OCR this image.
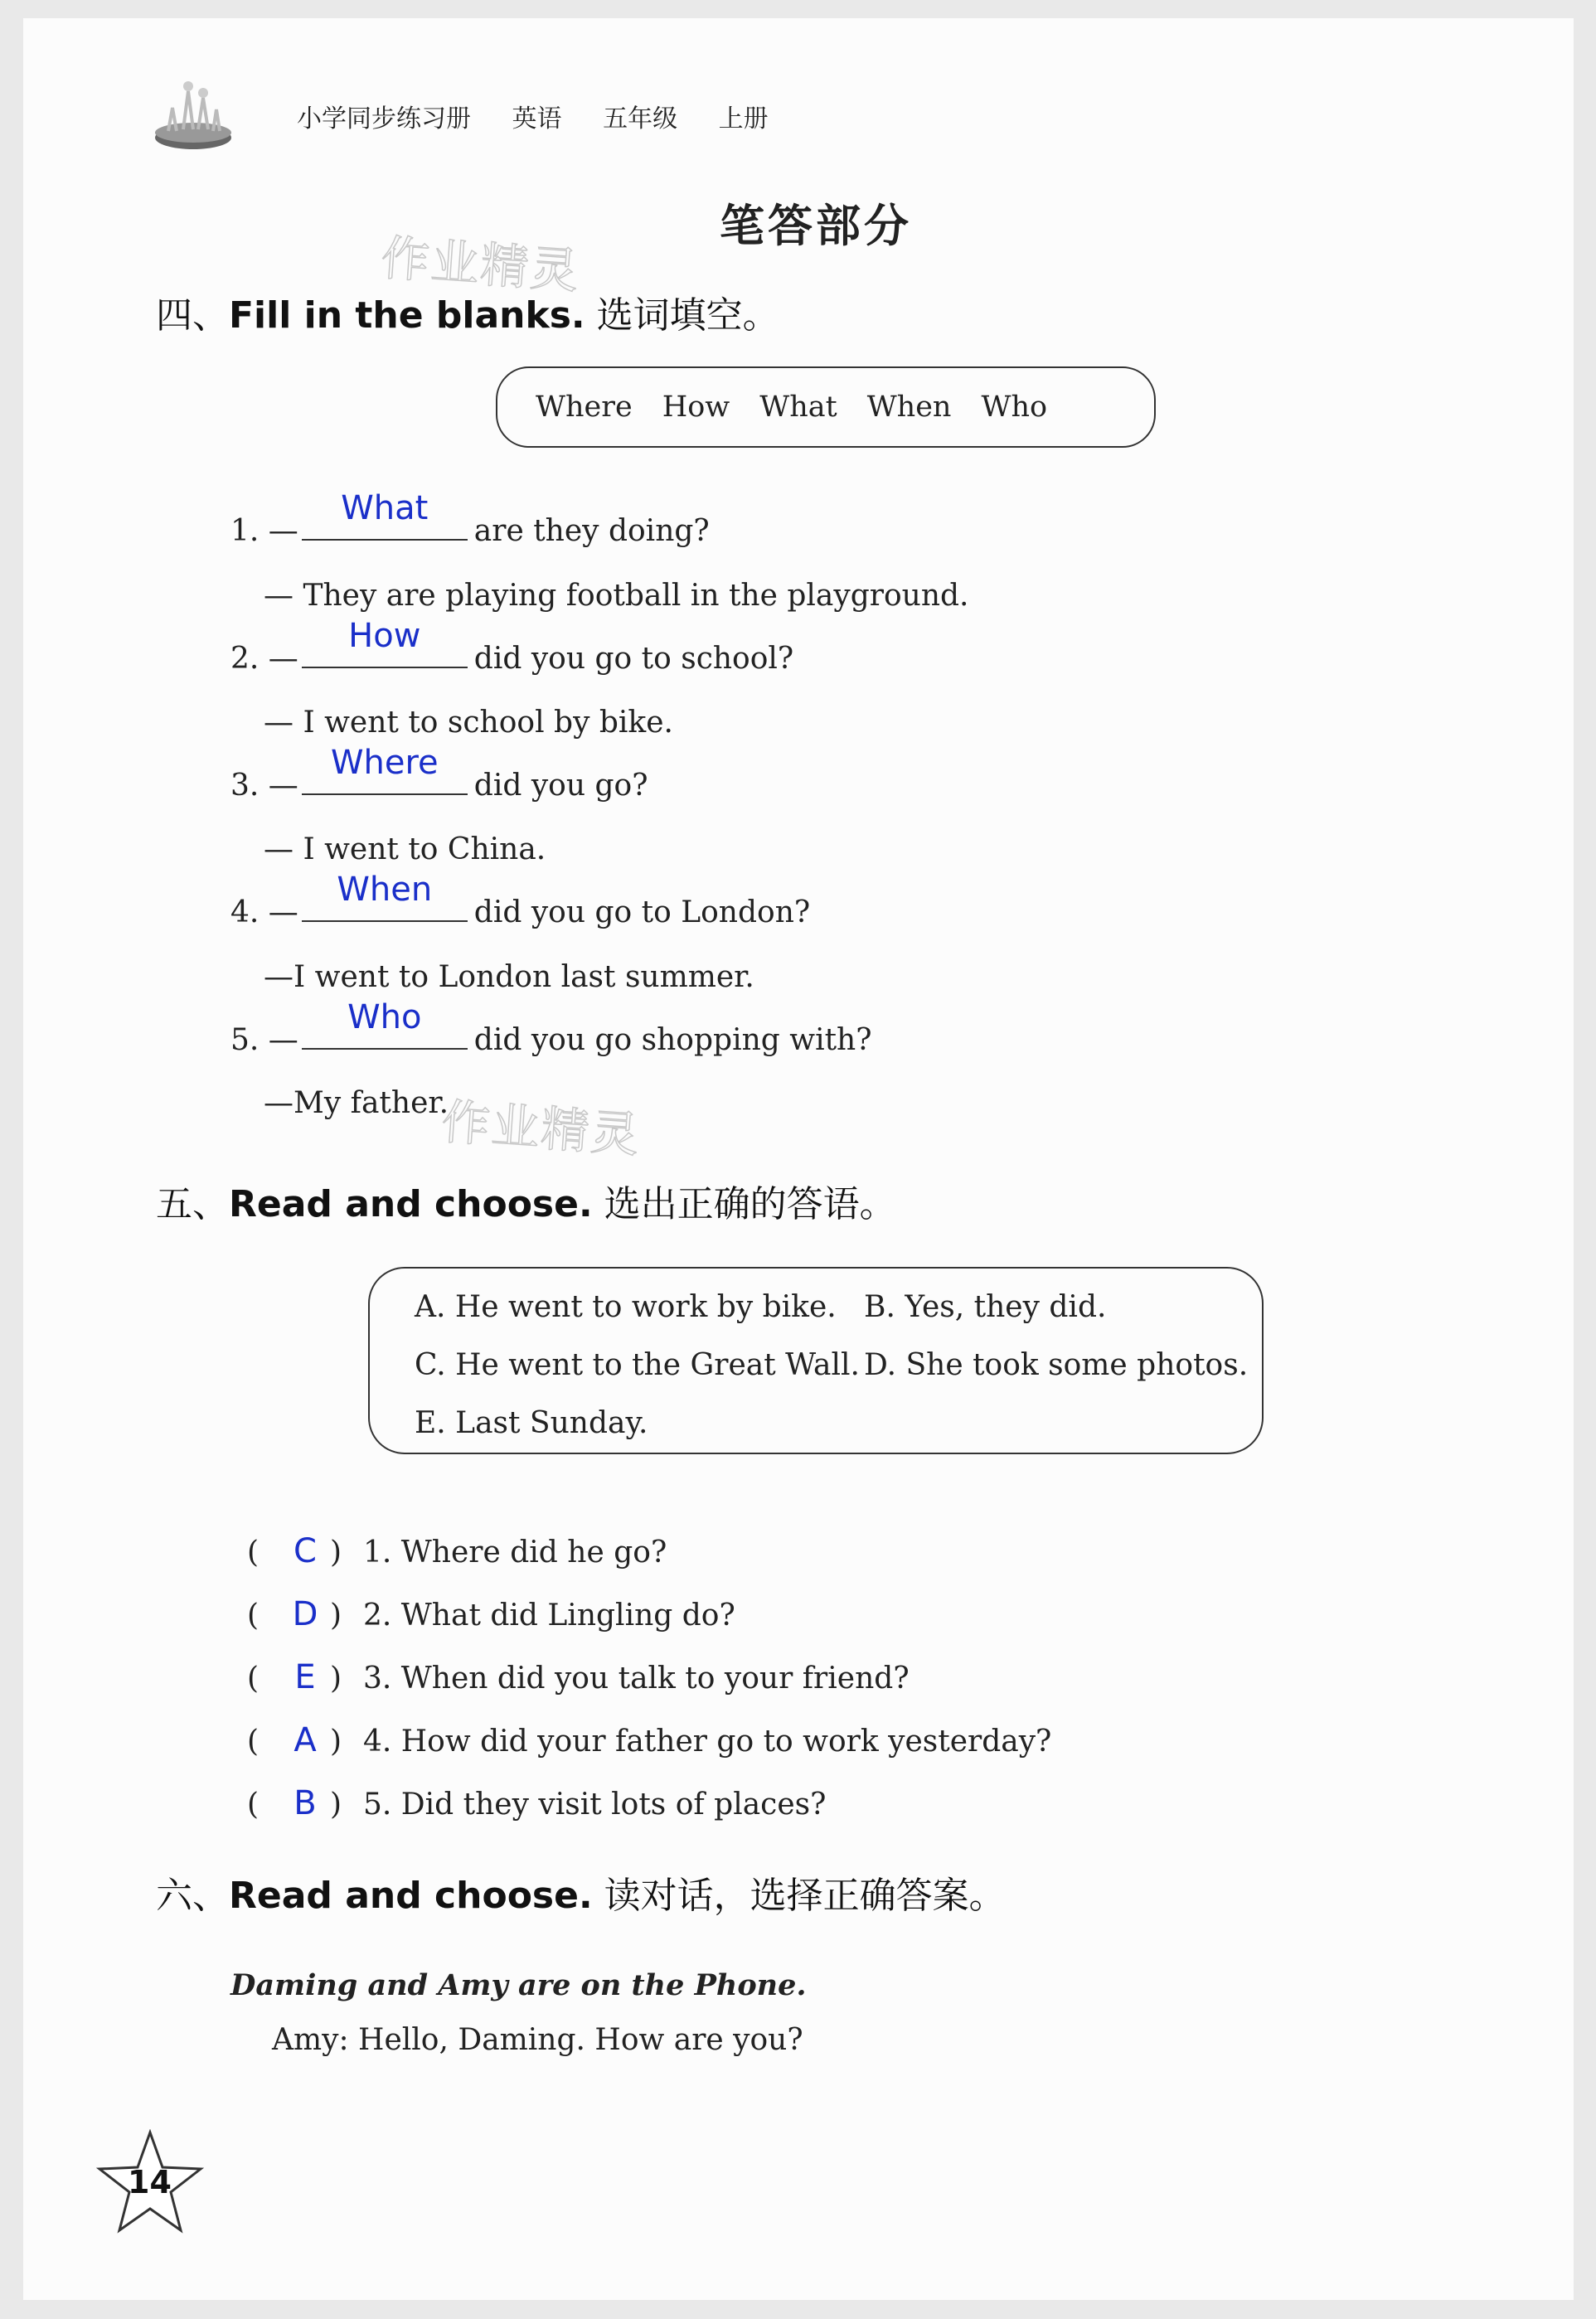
小学同步练习册 英语 五年级 上册
笔答部分
作业精灵
四、Fill in the blanks. 选词填空。
Where How What When Who
1. —
What
are they doing?
— They are playing football in the playground.
2. —
How
did you go to school?
— I went to school by bike.
3. —
Where
did you go?
— I went to China.
4. —
When
did you go to London?
—I went to London last summer.
5. —
Who
did you go shopping with?
—My father.
作业精灵
五、Read and choose. 选出正确的答语。
A. He went to work by bike. B. Yes, they did.
C. He went to the Great Wall. D. She took some photos.
E. Last Sunday.
( C ) 1. Where did he go?
( D ) 2. What did Lingling do?
( E ) 3. When did you talk to your friend?
( A ) 4. How did your father go to work yesterday?
( B ) 5. Did they visit lots of places?
六、Read and choose. 读对话，选择正确答案。
Daming and Amy are on the Phone.
Amy: Hello, Daming. How are you?
14
